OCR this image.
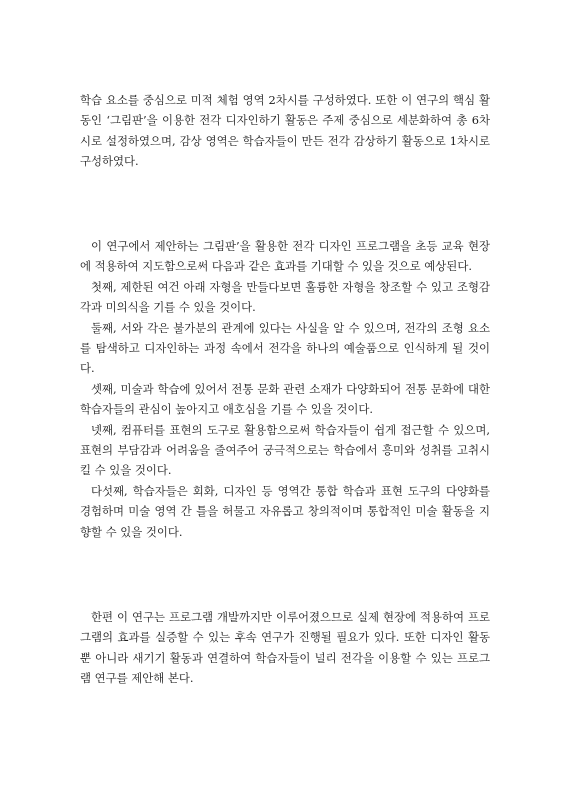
학습 요소를 중심으로 미적 체험 영역 2차시를 구성하였다. 또한 이 연구의 핵심 활동인 ‘그림판’을 이용한 전각 디자인하기 활동은 주제 중심으로 세분화하여 총 6차시로 설정하였으며, 감상 영역은 학습자들이 만든 전각 감상하기 활동으로 1차시로 구성하였다.

이 연구에서 제안하는 그림판’을 활용한 전각 디자인 프로그램을 초등 교육 현장에 적용하여 지도함으로써 다음과 같은 효과를 기대할 수 있을 것으로 예상된다.

첫째, 제한된 여건 아래 자형을 만들다보면 훌륭한 자형을 창조할 수 있고 조형감각과 미의식을 기를 수 있을 것이다.

둘째, 서와 각은 불가분의 관계에 있다는 사실을 알 수 있으며, 전각의 조형 요소를 탐색하고 디자인하는 과정 속에서 전각을 하나의 예술품으로 인식하게 될 것이다.

셋째, 미술과 학습에 있어서 전통 문화 관련 소재가 다양화되어 전통 문화에 대한 학습자들의 관심이 높아지고 애호심을 기를 수 있을 것이다.

넷째, 컴퓨터를 표현의 도구로 활용함으로써 학습자들이 쉽게 접근할 수 있으며, 표현의 부담감과 어려움을 줄여주어 궁극적으로는 학습에서 흥미와 성취를 고취시킬 수 있을 것이다.

다섯째, 학습자들은 회화, 디자인 등 영역간 통합 학습과 표현 도구의 다양화를 경험하며 미술 영역 간 틀을 허물고 자유롭고 창의적이며 통합적인 미술 활동을 지향할 수 있을 것이다.

한편 이 연구는 프로그램 개발까지만 이루어졌으므로 실제 현장에 적용하여 프로그램의 효과를 실증할 수 있는 후속 연구가 진행될 필요가 있다. 또한 디자인 활동뿐 아니라 새기기 활동과 연결하여 학습자들이 널리 전각을 이용할 수 있는 프로그램 연구를 제안해 본다.
